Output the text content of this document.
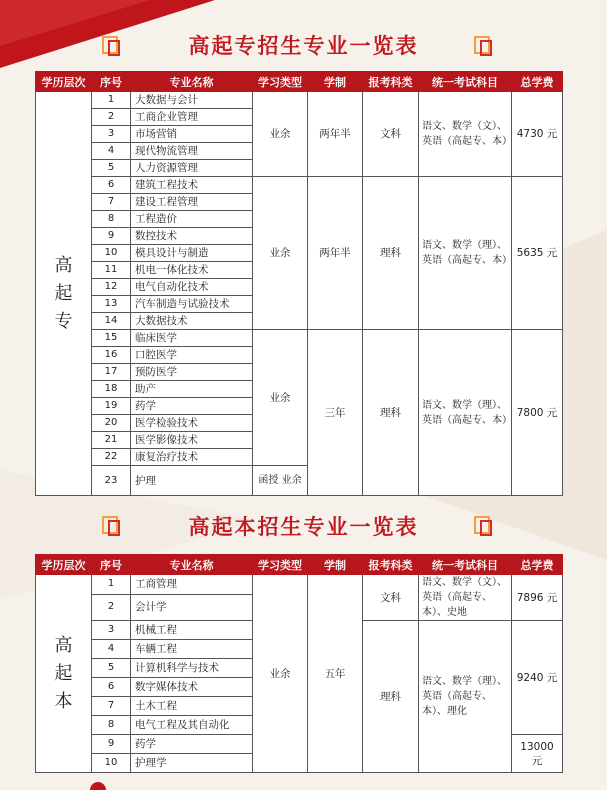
高起专招生专业一览表
学历层次	序号	专业名称	学习类型	学制	报考科类	统一考试科目	总学费

高
起
专	1	大数据与会计	业余	两年半	文科	语文、数学（文）、英语（高起专、本）	4730 元
	2	工商企业管理					
	3	市场营销					
	4	现代物流管理					
	5	人力资源管理					
	6	建筑工程技术	业余	两年半	理科	语文、数学（理）、英语（高起专、本）	5635 元
	7	建设工程管理					
	8	工程造价					
	9	数控技术					
	10	模具设计与制造					
	11	机电一体化技术					
	12	电气自动化技术					
	13	汽车制造与试验技术					
	14	大数据技术					
	15	临床医学	业余	三年	理科	语文、数学（理）、英语（高起专、本）	7800 元
	16	口腔医学					
	17	预防医学					
	18	助产					
	19	药学					
	20	医学检验技术					
	21	医学影像技术					
	22	康复治疗技术					
	23	护理	函授 业余				
高起本招生专业一览表
学历层次	序号	专业名称	学习类型	学制	报考科类	统一考试科目	总学费

高
起
本	1	工商管理	业余	五年	文科	语文、数学（文）、英语（高起专、本）、史地	7896 元
	2	会计学					
	3	机械工程			理科	语文、数学（理）、英语（高起专、本）、理化	9240 元
	4	车辆工程					
	5	计算机科学与技术					
	6	数字媒体技术					
	7	土木工程					
	8	电气工程及其自动化					
	9	药学					13000 元
	10	护理学					
